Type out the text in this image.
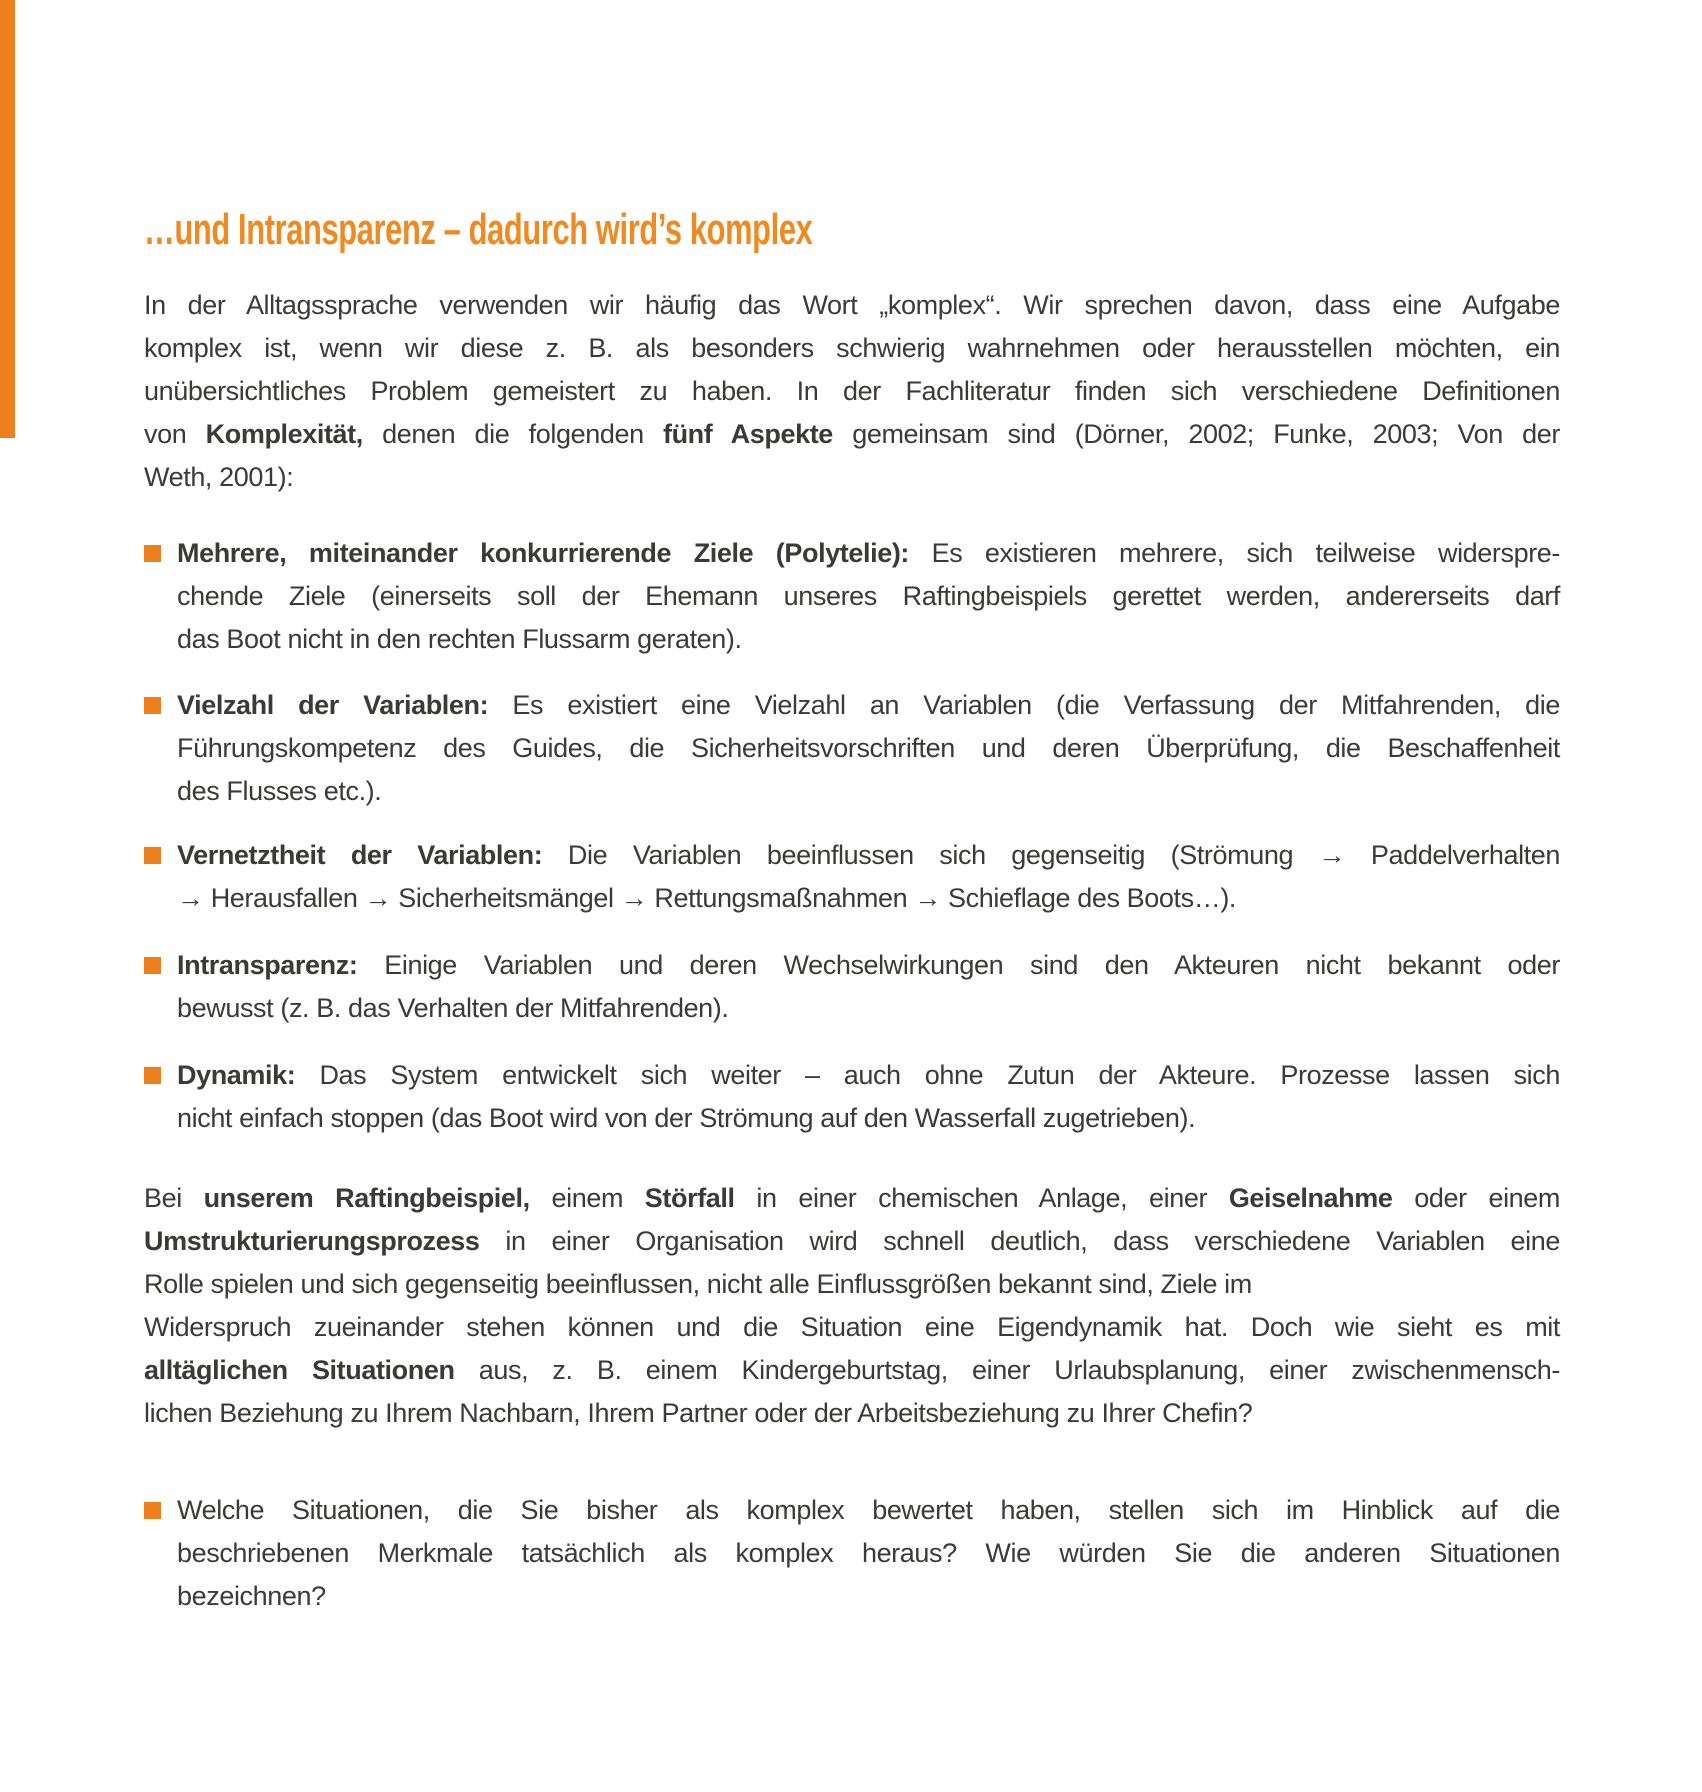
…und Intransparenz – dadurch wird’s komplex
In der Alltagssprache verwenden wir häufig das Wort „komplex“. Wir sprechen davon, dass eine Aufgabe
komplex ist, wenn wir diese z. B. als besonders schwierig wahrnehmen oder herausstellen möchten, ein
unübersichtliches Problem gemeistert zu haben. In der Fachliteratur finden sich verschiedene Definitionen
von Komplexität, denen die folgenden fünf Aspekte gemeinsam sind (Dörner, 2002; Funke, 2003; Von der
Weth, 2001):
Mehrere, miteinander konkurrierende Ziele (Polytelie): Es existieren mehrere, sich teilweise widerspre-
chende Ziele (einerseits soll der Ehemann unseres Raftingbeispiels gerettet werden, andererseits darf
das Boot nicht in den rechten Flussarm geraten).
Vielzahl der Variablen: Es existiert eine Vielzahl an Variablen (die Verfassung der Mitfahrenden, die
Führungskompetenz des Guides, die Sicherheitsvorschriften und deren Überprüfung, die Beschaffenheit
des Flusses etc.).
Vernetztheit der Variablen: Die Variablen beeinflussen sich gegenseitig (Strömung → Paddelverhalten
→ Herausfallen → Sicherheitsmängel → Rettungsmaßnahmen → Schieflage des Boots…).
Intransparenz: Einige Variablen und deren Wechselwirkungen sind den Akteuren nicht bekannt oder
bewusst (z. B. das Verhalten der Mitfahrenden).
Dynamik: Das System entwickelt sich weiter – auch ohne Zutun der Akteure. Prozesse lassen sich
nicht einfach stoppen (das Boot wird von der Strömung auf den Wasserfall zugetrieben).
Bei unserem Raftingbeispiel, einem Störfall in einer chemischen Anlage, einer Geiselnahme oder einem
Umstrukturierungsprozess in einer Organisation wird schnell deutlich, dass verschiedene Variablen eine
Rolle spielen und sich gegenseitig beeinflussen, nicht alle Einflussgrößen bekannt sind, Ziele im
Widerspruch zueinander stehen können und die Situation eine Eigendynamik hat. Doch wie sieht es mit
alltäglichen Situationen aus, z. B. einem Kindergeburtstag, einer Urlaubsplanung, einer zwischenmensch-
lichen Beziehung zu Ihrem Nachbarn, Ihrem Partner oder der Arbeitsbeziehung zu Ihrer Chefin?
Welche Situationen, die Sie bisher als komplex bewertet haben, stellen sich im Hinblick auf die
beschriebenen Merkmale tatsächlich als komplex heraus? Wie würden Sie die anderen Situationen
bezeichnen?
